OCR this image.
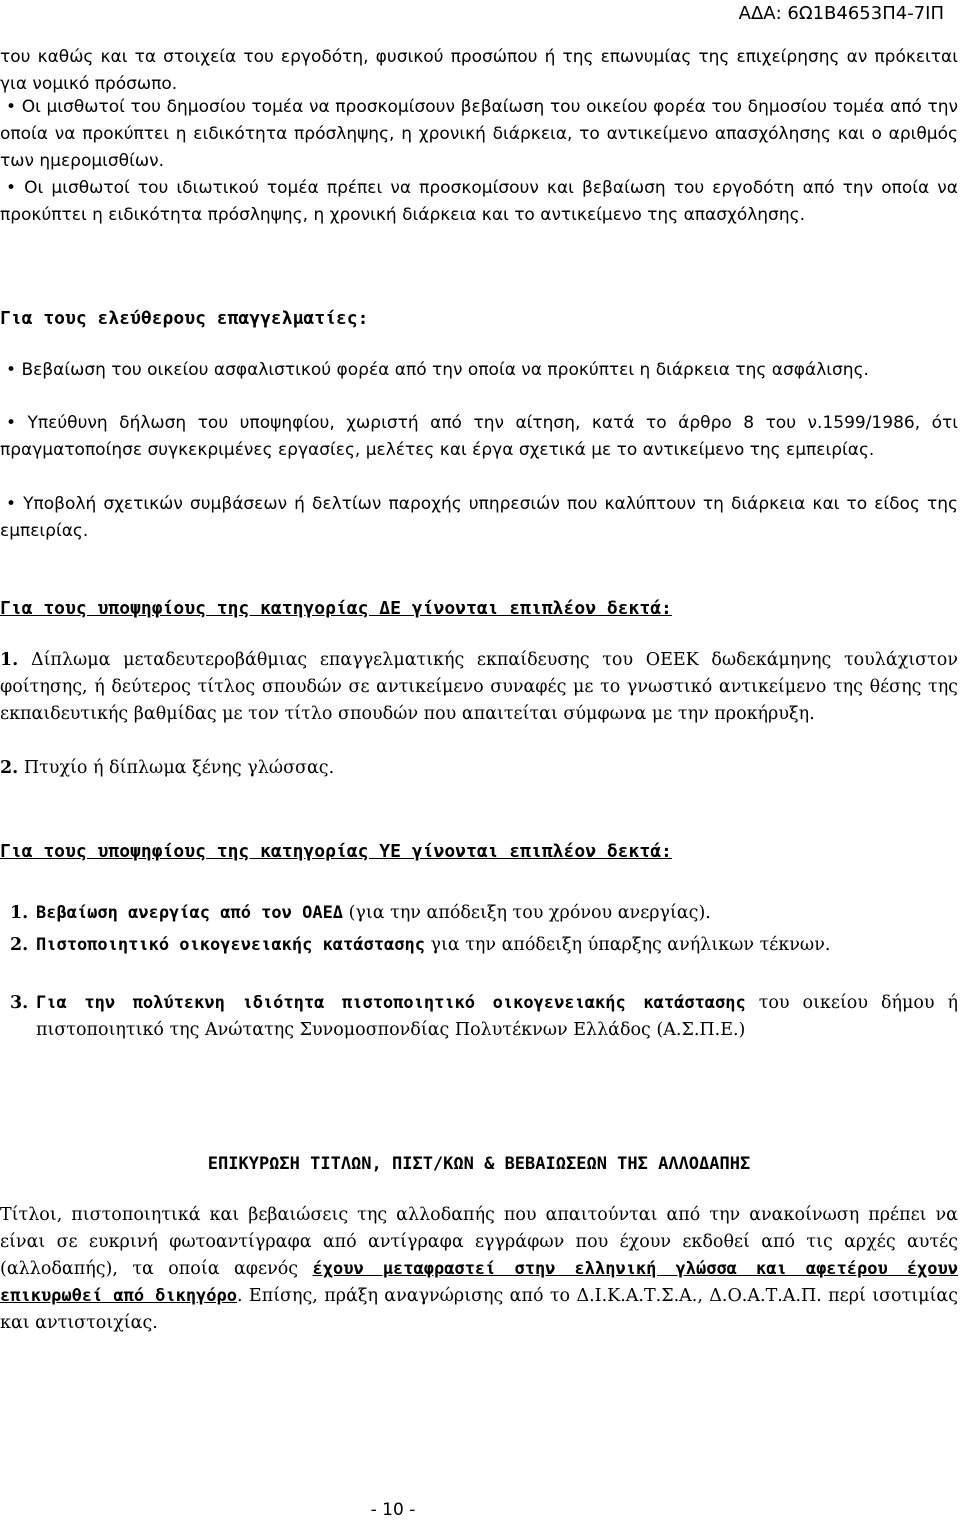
ΑΔΑ: 6Ω1Β4653Π4-7ΙΠ

του καθώς και τα στοιχεία του εργοδότη, φυσικού προσώπου ή της επωνυμίας της επιχείρησης αν πρόκειται για νομικό πρόσωπο.

• Οι μισθωτοί του δημοσίου τομέα να προσκομίσουν βεβαίωση του οικείου φορέα του δημοσίου τομέα από την οποία να προκύπτει η ειδικότητα πρόσληψης, η χρονική διάρκεια, το αντικείμενο απασχόλησης και ο αριθμός των ημερομισθίων.

• Οι μισθωτοί του ιδιωτικού τομέα πρέπει να προσκομίσουν και βεβαίωση του εργοδότη από την οποία να προκύπτει η ειδικότητα πρόσληψης, η χρονική διάρκεια και το αντικείμενο της απασχόλησης.

Για τους ελεύθερους επαγγελματίες:

• Βεβαίωση του οικείου ασφαλιστικού φορέα από την οποία να προκύπτει η διάρκεια της ασφάλισης.

• Υπεύθυνη δήλωση του υποψηφίου, χωριστή από την αίτηση, κατά το άρθρο 8 του ν.1599/1986, ότι πραγματοποίησε συγκεκριμένες εργασίες, μελέτες και έργα σχετικά με το αντικείμενο της εμπειρίας.

• Υποβολή σχετικών συμβάσεων ή δελτίων παροχής υπηρεσιών που καλύπτουν τη διάρκεια και το είδος της εμπειρίας.

Για τους υποψηφίους της κατηγορίας ΔΕ γίνονται επιπλέον δεκτά:

1. Δίπλωμα μεταδευτεροβάθμιας επαγγελματικής εκπαίδευσης του ΟΕΕΚ δωδεκάμηνης τουλάχιστον φοίτησης, ή δεύτερος τίτλος σπουδών σε αντικείμενο συναφές με το γνωστικό αντικείμενο της θέσης της εκπαιδευτικής βαθμίδας με τον τίτλο σπουδών που απαιτείται σύμφωνα με την προκήρυξη.

2. Πτυχίο ή δίπλωμα ξένης γλώσσας.

Για τους υποψηφίους της κατηγορίας ΥΕ γίνονται επιπλέον δεκτά:

1. Βεβαίωση ανεργίας από τον ΟΑΕΔ (για την απόδειξη του χρόνου ανεργίας).

2. Πιστοποιητικό οικογενειακής κατάστασης για την απόδειξη ύπαρξης ανήλικων τέκνων.

3. Για την πολύτεκνη ιδιότητα πιστοποιητικό οικογενειακής κατάστασης του οικείου δήμου ή πιστοποιητικό της Ανώτατης Συνομοσπονδίας Πολυτέκνων Ελλάδος (Α.Σ.Π.Ε.)

ΕΠΙΚΥΡΩΣΗ ΤΙΤΛΩΝ, ΠΙΣΤ/ΚΩΝ & ΒΕΒΑΙΩΣΕΩΝ ΤΗΣ ΑΛΛΟΔΑΠΗΣ

Τίτλοι, πιστοποιητικά και βεβαιώσεις της αλλοδαπής που απαιτούνται από την ανακοίνωση πρέπει να είναι σε ευκρινή φωτοαντίγραφα από αντίγραφα εγγράφων που έχουν εκδοθεί από τις αρχές αυτές (αλλοδαπής), τα οποία αφενός έχουν μεταφραστεί στην ελληνική γλώσσα και αφετέρου έχουν επικυρωθεί από δικηγόρο. Επίσης, πράξη αναγνώρισης από το Δ.Ι.Κ.Α.Τ.Σ.Α., Δ.Ο.Α.Τ.Α.Π. περί ισοτιμίας και αντιστοιχίας.

- 10 -
